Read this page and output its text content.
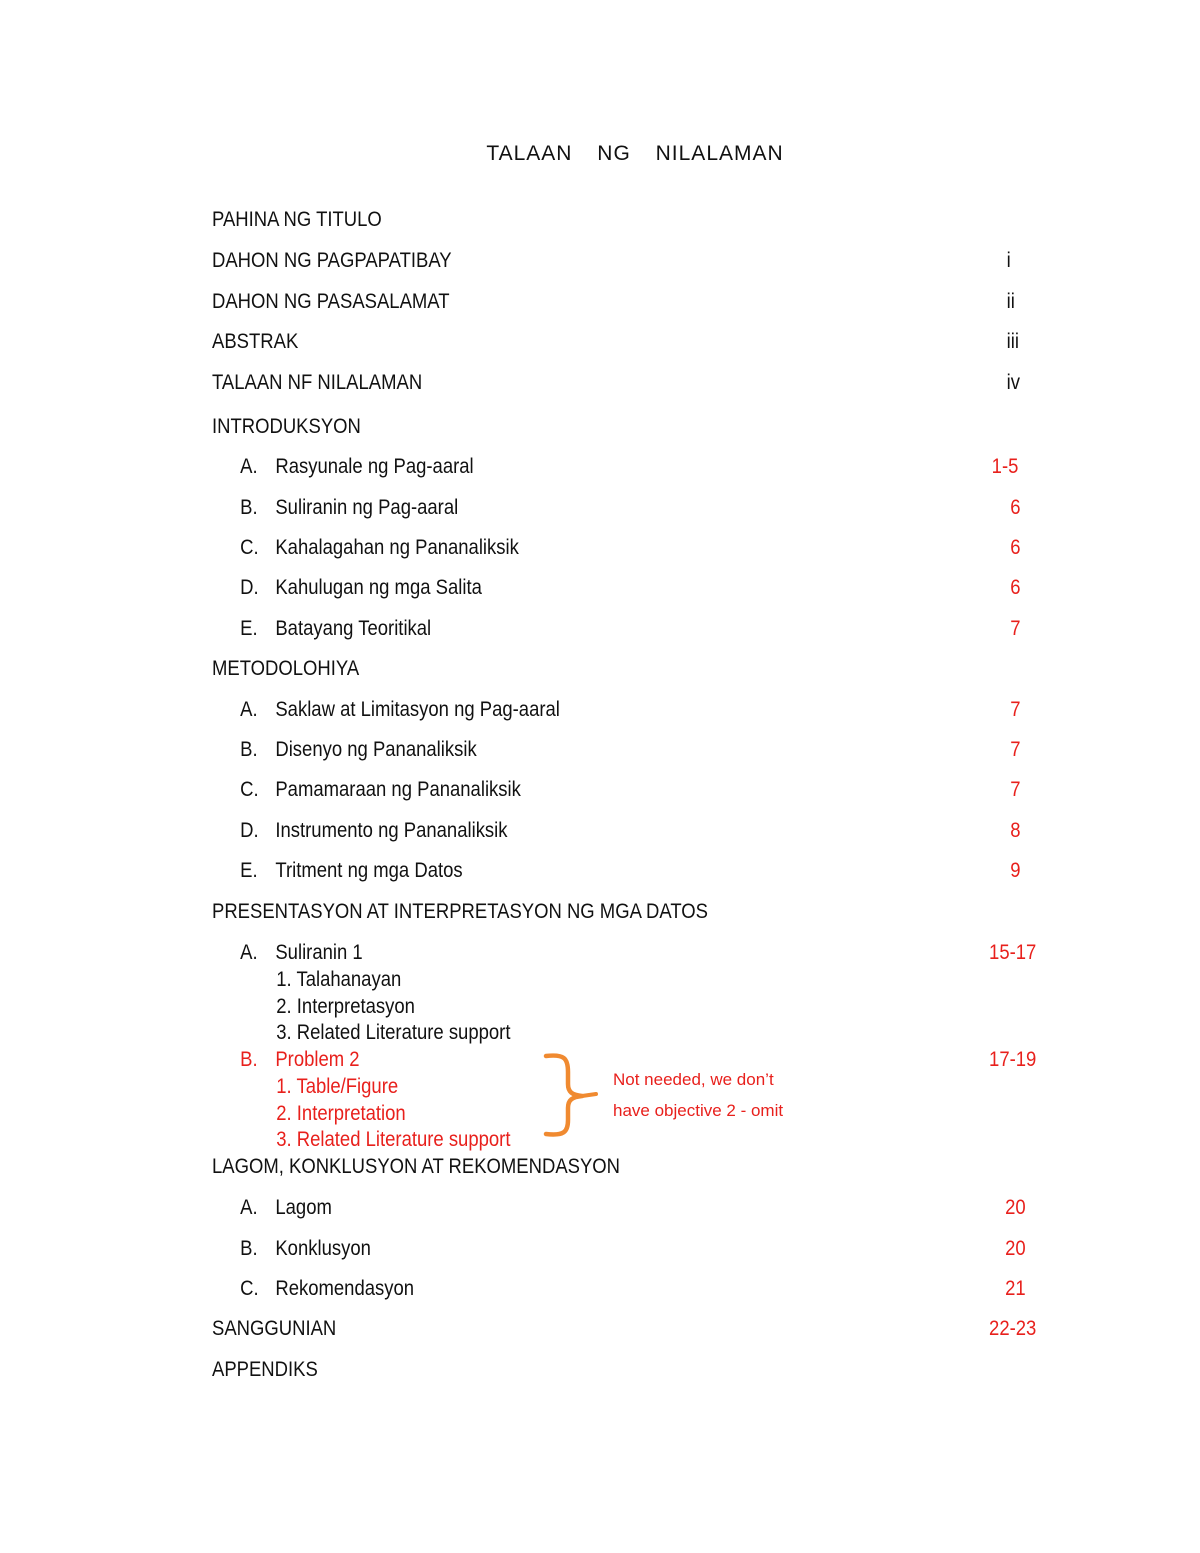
TALAAN NG NILALAMAN
PAHINA NG TITULO
DAHON NG PAGPAPATIBAY	i
DAHON NG PASASALAMAT	ii
ABSTRAK	iii
TALAAN NF NILALAMAN	iv
INTRODUKSYON
A. Rasyunale ng Pag-aaral	1-5
B. Suliranin ng Pag-aaral	6
C. Kahalagahan ng Pananaliksik	6
D. Kahulugan ng mga Salita	6
E. Batayang Teoritikal	7
METODOLOHIYA
A. Saklaw at Limitasyon ng Pag-aaral	7
B. Disenyo ng Pananaliksik	7
C. Pamamaraan ng Pananaliksik	7
D. Instrumento ng Pananaliksik	8
E. Tritment ng mga Datos	9
PRESENTASYON AT INTERPRETASYON NG MGA DATOS
A. Suliranin 1	15-17
1. Talahanayan
2. Interpretasyon
3. Related Literature support
B. Problem 2	17-19
1. Table/Figure
2. Interpretation
3. Related Literature support
Not needed, we don’t
have objective 2 - omit
LAGOM, KONKLUSYON AT REKOMENDASYON
A. Lagom	20
B. Konklusyon	20
C. Rekomendasyon	21
SANGGUNIAN	22-23
APPENDIKS
